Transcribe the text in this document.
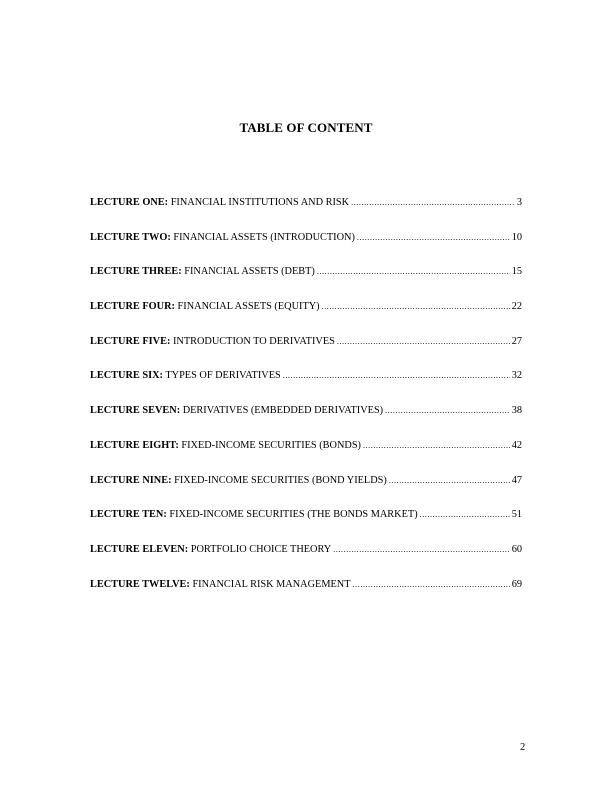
TABLE OF CONTENT
LECTURE ONE: FINANCIAL INSTITUTIONS AND RISK .....	3
LECTURE TWO: FINANCIAL ASSETS (INTRODUCTION) .....	10
LECTURE THREE: FINANCIAL ASSETS (DEBT) .....	15
LECTURE FOUR: FINANCIAL ASSETS (EQUITY) .....	22
LECTURE FIVE: INTRODUCTION TO DERIVATIVES .....	27
LECTURE SIX: TYPES OF DERIVATIVES .....	32
LECTURE SEVEN: DERIVATIVES (EMBEDDED DERIVATIVES) .....	38
LECTURE EIGHT: FIXED-INCOME SECURITIES (BONDS) .....	42
LECTURE NINE: FIXED-INCOME SECURITIES (BOND YIELDS) .....	47
LECTURE TEN: FIXED-INCOME SECURITIES (THE BONDS MARKET) .....	51
LECTURE ELEVEN: PORTFOLIO CHOICE THEORY .....	60
LECTURE TWELVE: FINANCIAL RISK MANAGEMENT .....	69
2
